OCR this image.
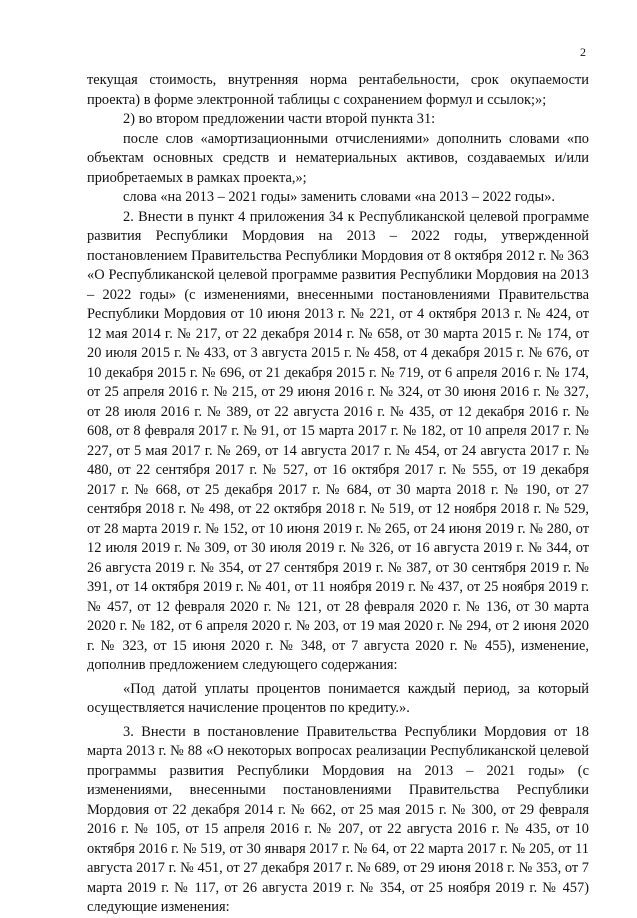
2

текущая стоимость, внутренняя норма рентабельности, срок окупаемости проекта) в форме электронной таблицы с сохранением формул и ссылок;»;

2) во втором предложении части второй пункта 31:

после слов «амортизационными отчислениями» дополнить словами «по объектам основных средств и нематериальных активов, создаваемых и/или приобретаемых в рамках проекта,»;

слова «на 2013 – 2021 годы» заменить словами «на 2013 – 2022 годы».

2. Внести в пункт 4 приложения 34 к Республиканской целевой программе развития Республики Мордовия на 2013 – 2022 годы, утвержденной постановлением Правительства Республики Мордовия от 8 октября 2012 г. № 363 «О Республиканской целевой программе развития Республики Мордовия на 2013 – 2022 годы» (с изменениями, внесенными постановлениями Правительства Республики Мордовия от 10 июня 2013 г. № 221, от 4 октября 2013 г. № 424, от 12 мая 2014 г. № 217, от 22 декабря 2014 г. № 658, от 30 марта 2015 г. № 174, от 20 июля 2015 г. № 433, от 3 августа 2015 г. № 458, от 4 декабря 2015 г. № 676, от 10 декабря 2015 г. № 696, от 21 декабря 2015 г. № 719, от 6 апреля 2016 г. № 174, от 25 апреля 2016 г. № 215, от 29 июня 2016 г. № 324, от 30 июня 2016 г. № 327, от 28 июля 2016 г. № 389, от 22 августа 2016 г. № 435, от 12 декабря 2016 г. № 608, от 8 февраля 2017 г. № 91, от 15 марта 2017 г. № 182, от 10 апреля 2017 г. № 227, от 5 мая 2017 г. № 269, от 14 августа 2017 г. № 454, от 24 августа 2017 г. № 480, от 22 сентября 2017 г. № 527, от 16 октября 2017 г. № 555, от 19 декабря 2017 г. № 668, от 25 декабря 2017 г. № 684, от 30 марта 2018 г. № 190, от 27 сентября 2018 г. № 498, от 22 октября 2018 г. № 519, от 12 ноября 2018 г. № 529, от 28 марта 2019 г. № 152, от 10 июня 2019 г. № 265, от 24 июня 2019 г. № 280, от 12 июля 2019 г. № 309, от 30 июля 2019 г. № 326, от 16 августа 2019 г. № 344, от 26 августа 2019 г. № 354, от 27 сентября 2019 г. № 387, от 30 сентября 2019 г. № 391, от 14 октября 2019 г. № 401, от 11 ноября 2019 г. № 437, от 25 ноября 2019 г. № 457, от 12 февраля 2020 г. № 121, от 28 февраля 2020 г. № 136, от 30 марта 2020 г. № 182, от 6 апреля 2020 г. № 203, от 19 мая 2020 г. № 294, от 2 июня 2020 г. № 323, от 15 июня 2020 г. № 348, от 7 августа 2020 г. № 455), изменение, дополнив предложением следующего содержания:

«Под датой уплаты процентов понимается каждый период, за который осуществляется начисление процентов по кредиту.».

3. Внести в постановление Правительства Республики Мордовия от 18 марта 2013 г. № 88 «О некоторых вопросах реализации Республиканской целевой программы развития Республики Мордовия на 2013 – 2021 годы» (с изменениями, внесенными постановлениями Правительства Республики Мордовия от 22 декабря 2014 г. № 662, от 25 мая 2015 г. № 300, от 29 февраля 2016 г. № 105, от 15 апреля 2016 г. № 207, от 22 августа 2016 г. № 435, от 10 октября 2016 г. № 519, от 30 января 2017 г. № 64, от 22 марта 2017 г. № 205, от 11 августа 2017 г. № 451, от 27 декабря 2017 г. № 689, от 29 июня 2018 г. № 353, от 7 марта 2019 г. № 117, от 26 августа 2019 г. № 354, от 25 ноября 2019 г. № 457) следующие изменения:
